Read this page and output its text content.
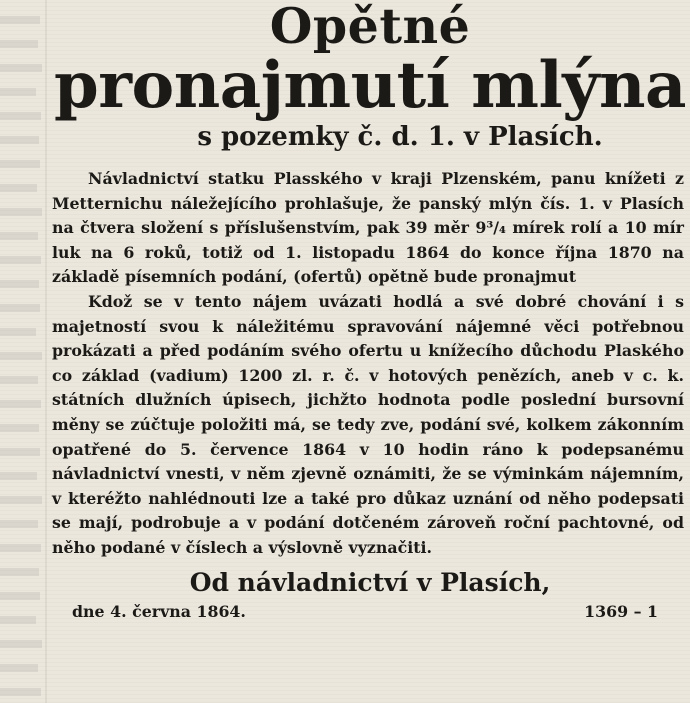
Opětné
pronajmutí mlýna
s pozemky č. d. 1. v Plasích.

Návladnictví statku Plasského v kraji Plzenském, panu knížeti z Metternichu náležejícího prohlašuje, že panský mlýn čís. 1. v Plasích na čtvera složení s příslušenstvím, pak 39 měr 9³/₄ mírek rolí a 10 mír luk na 6 roků, totiž od 1. listopadu 1864 do konce října 1870 na základě písemních podání, (ofertů) opětně bude pronajmut

Kdož se v tento nájem uvázati hodlá a své dobré chování i s majetností svou k náležitému spravování nájemné věci potřebnou prokázati a před podáním svého ofertu u knížecího důchodu Plaského co základ (vadium) 1200 zl. r. č. v hotových penězích, aneb v c. k. státních dlužních úpisech, jichžto hodnota podle poslední bursovní měny se zúčtuje položiti má, se tedy zve, podání své, kolkem zákonním opatřené do 5. července 1864 v 10 hodin ráno k podepsanému návladnictví vnesti, v něm zjevně oznámiti, že se výminkám nájemním, v kteréžto nahlédnouti lze a také pro důkaz uznání od něho podepsati se mají, podrobuje a v podání dotčeném zároveň roční pachtovné, od něho podané v číslech a výslovně vyznačiti.

Od návladnictví v Plasích,
dne 4. června 1864.	1369 – 1
